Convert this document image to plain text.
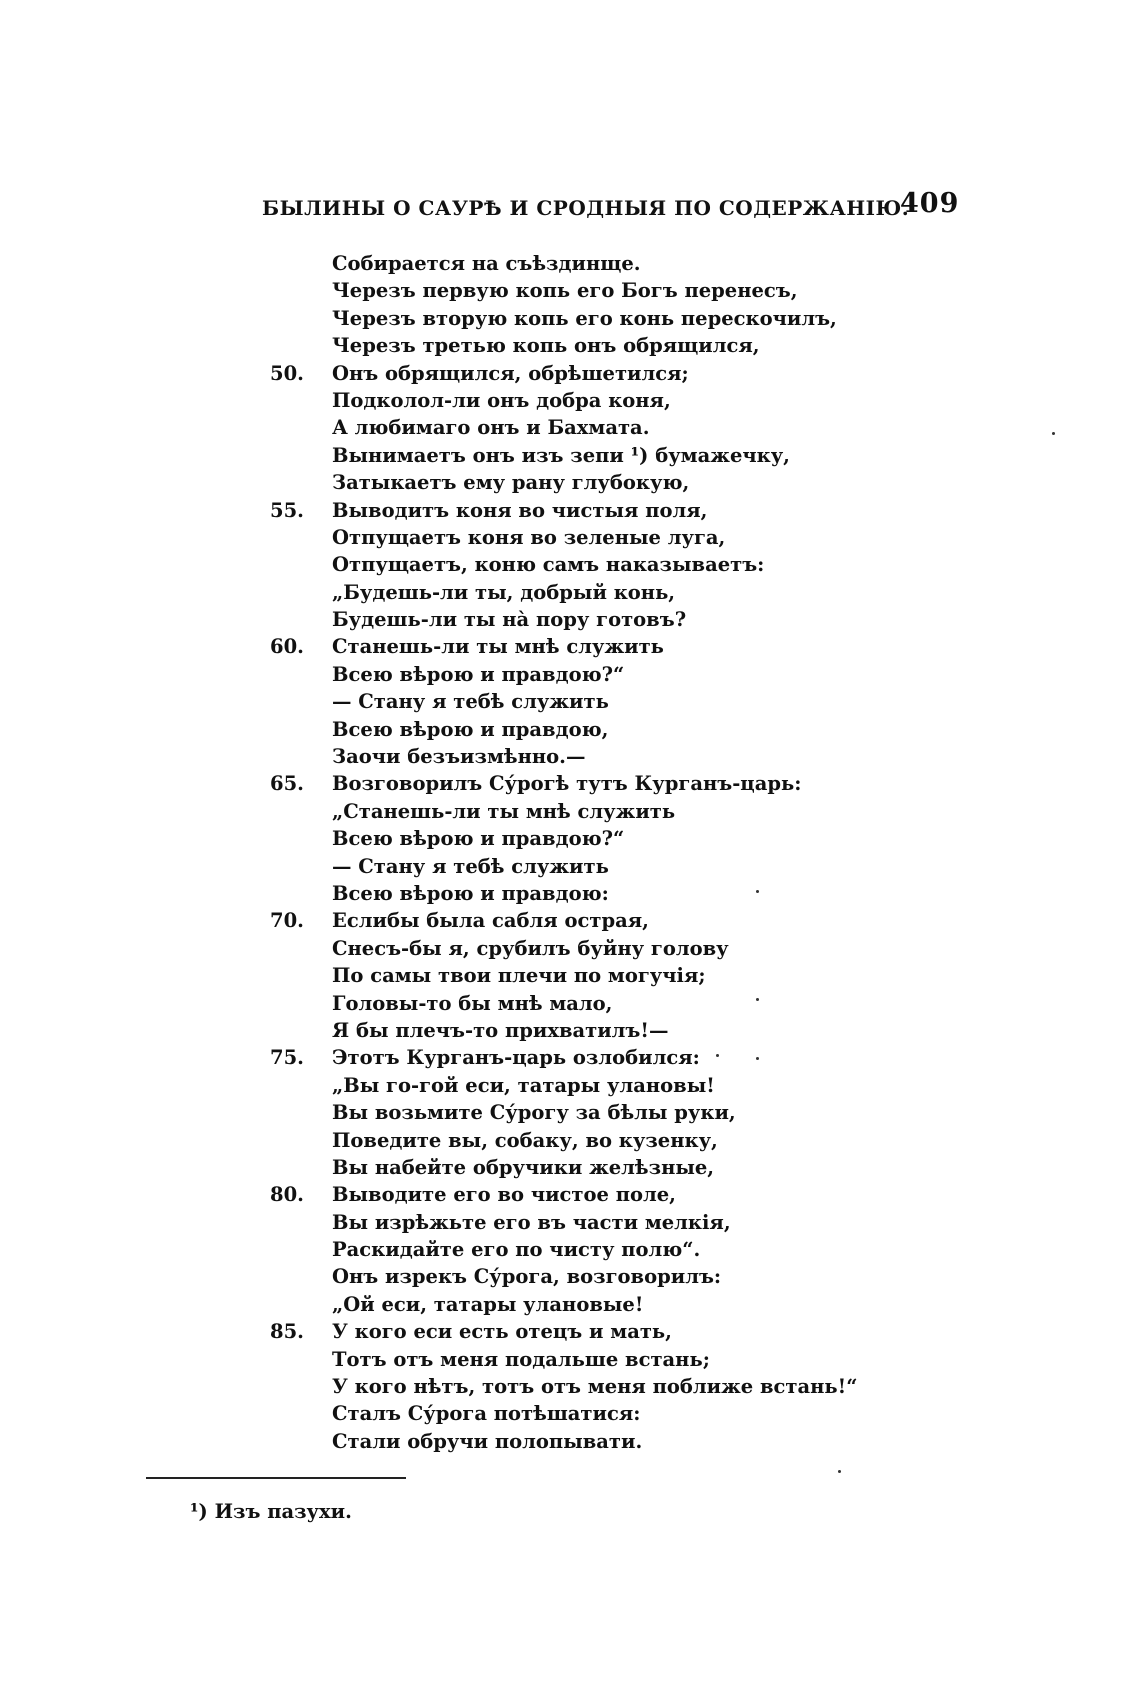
БЫЛИНЫ О САУРѢ И СРОДНЫЯ ПО СОДЕРЖАНІЮ.
409
Собирается на съѣздинще.
Черезъ первую копь его Богъ перенесъ,
Черезъ вторую копь его конь перескочилъ,
Черезъ третью копь онъ обрящился,
50.	Онъ обрящился, обрѣшетился;
Подколол-ли онъ добра коня,
А любимаго онъ и Бахмата.
Вынимаетъ онъ изъ зепи ¹) бумажечку,
Затыкаетъ ему рану глубокую,
55.	Выводитъ коня во чистыя поля,
Отпущаетъ коня во зеленые луга,
Отпущаетъ, коню самъ наказываетъ:
„Будешь-ли ты, добрый конь,
Будешь-ли ты на̀ пору готовъ?
60.	Станешь-ли ты мнѣ служить
Всею вѣрою и правдою?“
— Стану я тебѣ служить
Всею вѣрою и правдою,
Заочи безъизмѣнно.—
65.	Возговорилъ Су́рогѣ тутъ Курганъ-царь:
„Станешь-ли ты мнѣ служить
Всею вѣрою и правдою?“
— Стану я тебѣ служить
Всею вѣрою и правдою:
70.	Еслибы была сабля острая,
Снесъ-бы я, срубилъ буйну голову
По самы твои плечи по могучія;
Головы-то бы мнѣ мало,
Я бы плечъ-то прихватилъ!—
75.	Этотъ Курганъ-царь озлобился:
„Вы го-гой еси, татары улановы!
Вы возьмите Су́рогу за бѣлы руки,
Поведите вы, собаку, во кузенку,
Вы набейте обручики желѣзные,
80.	Выводите его во чистое поле,
Вы изрѣжьте его въ части мелкія,
Раскидайте его по чисту полю“.
Онъ изрекъ Су́рога, возговорилъ:
„Ой еси, татары улановые!
85.	У кого еси есть отецъ и мать,
Тотъ отъ меня подальше встань;
У кого нѣтъ, тотъ отъ меня поближе встань!“
Сталъ Су́рога потѣшатися:
Стали обручи полопывати.
¹) Изъ пазухи.
